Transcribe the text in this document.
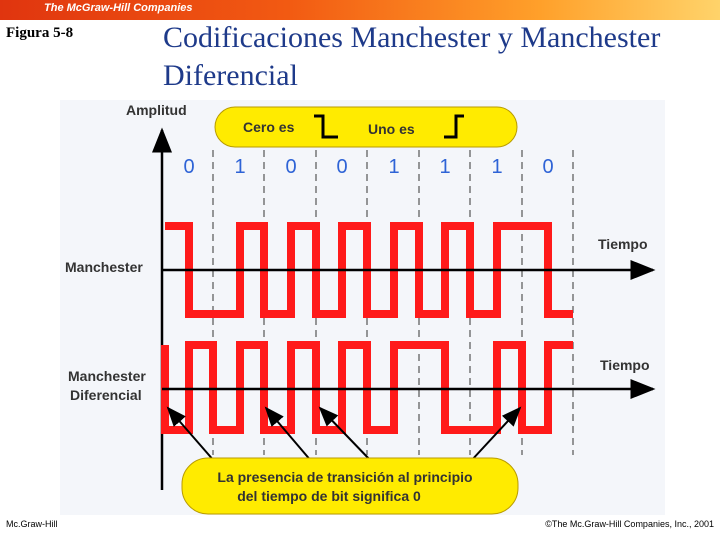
The McGraw-Hill Companies
Figura 5-8	Codificaciones Manchester y Manchester Diferencial
Amplitud
Cero es	Uno es
0 1 0 0 1 1 1 0
Manchester
Manchester
Diferencial
Tiempo
Tiempo
La presencia de transición al principio
del tiempo de bit significa 0
Mc.Graw-Hill	©The Mc.Graw-Hill Companies, Inc., 2001
